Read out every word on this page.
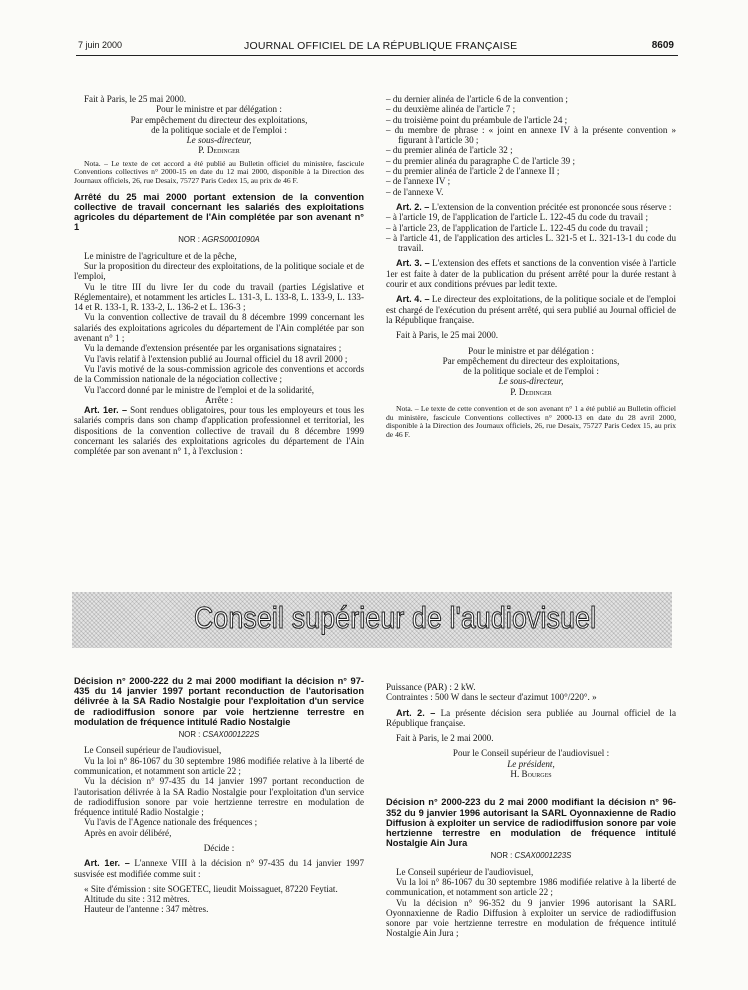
7 juin 2000	JOURNAL OFFICIEL DE LA RÉPUBLIQUE FRANÇAISE	8609

Fait à Paris, le 25 mai 2000.

Pour le ministre et par délégation :

Par empêchement du directeur des exploitations,

de la politique sociale et de l'emploi :

Le sous-directeur,

P. Dedinger

Nota. – Le texte de cet accord a été publié au Bulletin officiel du ministère, fascicule Conventions collectives n° 2000-15 en date du 12 mai 2000, disponible à la Direction des Journaux officiels, 26, rue Desaix, 75727 Paris Cedex 15, au prix de 46 F.

Arrêté du 25 mai 2000 portant extension de la convention collective de travail concernant les salariés des exploitations agricoles du département de l'Ain complétée par son avenant n° 1
NOR : AGRS0001090A

Le ministre de l'agriculture et de la pêche,

Sur la proposition du directeur des exploitations, de la politique sociale et de l'emploi,

Vu le titre III du livre Ier du code du travail (parties Législative et Réglementaire), et notamment les articles L. 131-3, L. 133-8, L. 133-9, L. 133-14 et R. 133-1, R. 133-2, L. 136-2 et L. 136-3 ;

Vu la convention collective de travail du 8 décembre 1999 concernant les salariés des exploitations agricoles du département de l'Ain complétée par son avenant n° 1 ;

Vu la demande d'extension présentée par les organisations signataires ;

Vu l'avis relatif à l'extension publié au Journal officiel du 18 avril 2000 ;

Vu l'avis motivé de la sous-commission agricole des conventions et accords de la Commission nationale de la négociation collective ;

Vu l'accord donné par le ministre de l'emploi et de la solidarité,

Arrête :

Art. 1er. – Sont rendues obligatoires, pour tous les employeurs et tous les salariés compris dans son champ d'application professionnel et territorial, les dispositions de la convention collective de travail du 8 décembre 1999 concernant les salariés des exploitations agricoles du département de l'Ain complétée par son avenant n° 1, à l'exclusion :

– du dernier alinéa de l'article 6 de la convention ;

– du deuxième alinéa de l'article 7 ;

– du troisième point du préambule de l'article 24 ;

– du membre de phrase : « joint en annexe IV à la présente convention » figurant à l'article 30 ;

– du premier alinéa de l'article 32 ;

– du premier alinéa du paragraphe C de l'article 39 ;

– du premier alinéa de l'article 2 de l'annexe II ;

– de l'annexe IV ;

– de l'annexe V.

Art. 2. – L'extension de la convention précitée est prononcée sous réserve :

– à l'article 19, de l'application de l'article L. 122-45 du code du travail ;

– à l'article 23, de l'application de l'article L. 122-45 du code du travail ;

– à l'article 41, de l'application des articles L. 321-5 et L. 321-13-1 du code du travail.

Art. 3. – L'extension des effets et sanctions de la convention visée à l'article 1er est faite à dater de la publication du présent arrêté pour la durée restant à courir et aux conditions prévues par ledit texte.

Art. 4. – Le directeur des exploitations, de la politique sociale et de l'emploi est chargé de l'exécution du présent arrêté, qui sera publié au Journal officiel de la République française.

Fait à Paris, le 25 mai 2000.

Pour le ministre et par délégation :

Par empêchement du directeur des exploitations,

de la politique sociale et de l'emploi :

Le sous-directeur,

P. Dedinger

Nota. – Le texte de cette convention et de son avenant n° 1 a été publié au Bulletin officiel du ministère, fascicule Conventions collectives n° 2000-13 en date du 28 avril 2000, disponible à la Direction des Journaux officiels, 26, rue Desaix, 75727 Paris Cedex 15, au prix de 46 F.

Conseil supérieur de l'audiovisuel
Décision n° 2000-222 du 2 mai 2000 modifiant la décision n° 97-435 du 14 janvier 1997 portant reconduction de l'autorisation délivrée à la SA Radio Nostalgie pour l'exploitation d'un service de radiodiffusion sonore par voie hertzienne terrestre en modulation de fréquence intitulé Radio Nostalgie
NOR : CSAX0001222S

Le Conseil supérieur de l'audiovisuel,

Vu la loi n° 86-1067 du 30 septembre 1986 modifiée relative à la liberté de communication, et notamment son article 22 ;

Vu la décision n° 97-435 du 14 janvier 1997 portant reconduction de l'autorisation délivrée à la SA Radio Nostalgie pour l'exploitation d'un service de radiodiffusion sonore par voie hertzienne terrestre en modulation de fréquence intitulé Radio Nostalgie ;

Vu l'avis de l'Agence nationale des fréquences ;

Après en avoir délibéré,

Décide :

Art. 1er. – L'annexe VIII à la décision n° 97-435 du 14 janvier 1997 susvisée est modifiée comme suit :

« Site d'émission : site SOGETEC, lieudit Moissaguet, 87220 Feytiat.

Altitude du site : 312 mètres.

Hauteur de l'antenne : 347 mètres.

Puissance (PAR) : 2 kW.

Contraintes : 500 W dans le secteur d'azimut 100°/220°. »

Art. 2. – La présente décision sera publiée au Journal officiel de la République française.

Fait à Paris, le 2 mai 2000.

Pour le Conseil supérieur de l'audiovisuel :

Le président,

H. Bourges

Décision n° 2000-223 du 2 mai 2000 modifiant la décision n° 96-352 du 9 janvier 1996 autorisant la SARL Oyonnaxienne de Radio Diffusion à exploiter un service de radiodiffusion sonore par voie hertzienne terrestre en modulation de fréquence intitulé Nostalgie Ain Jura
NOR : CSAX0001223S

Le Conseil supérieur de l'audiovisuel,

Vu la loi n° 86-1067 du 30 septembre 1986 modifiée relative à la liberté de communication, et notamment son article 22 ;

Vu la décision n° 96-352 du 9 janvier 1996 autorisant la SARL Oyonnaxienne de Radio Diffusion à exploiter un service de radiodiffusion sonore par voie hertzienne terrestre en modulation de fréquence intitulé Nostalgie Ain Jura ;
